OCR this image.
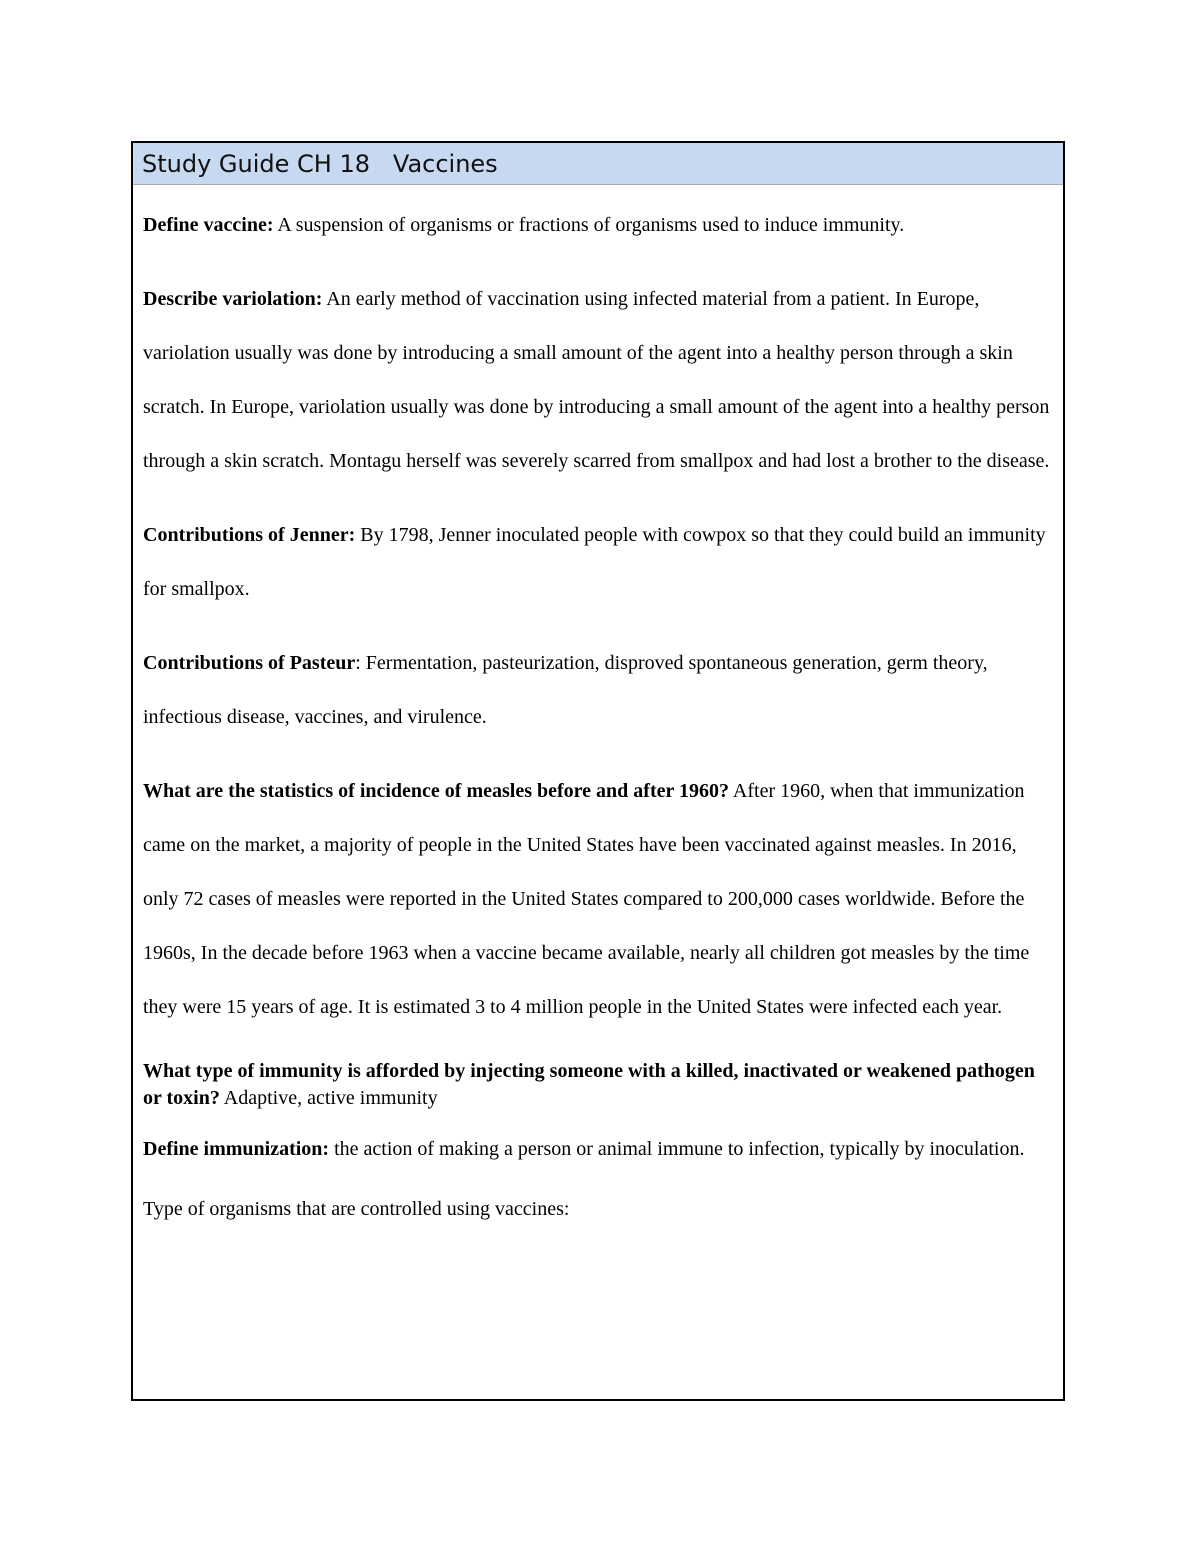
Study Guide CH 18   Vaccines

Define vaccine: A suspension of organisms or fractions of organisms used to induce immunity.

Describe variolation: An early method of vaccination using infected material from a patient. In Europe, variolation usually was done by introducing a small amount of the agent into a healthy person through a skin scratch. In Europe, variolation usually was done by introducing a small amount of the agent into a healthy person through a skin scratch. Montagu herself was severely scarred from smallpox and had lost a brother to the disease.

Contributions of Jenner: By 1798, Jenner inoculated people with cowpox so that they could build an immunity for smallpox.

Contributions of Pasteur: Fermentation, pasteurization, disproved spontaneous generation, germ theory, infectious disease, vaccines, and virulence.

What are the statistics of incidence of measles before and after 1960? After 1960, when that immunization came on the market, a majority of people in the United States have been vaccinated against measles. In 2016, only 72 cases of measles were reported in the United States compared to 200,000 cases worldwide. Before the 1960s, In the decade before 1963 when a vaccine became available, nearly all children got measles by the time they were 15 years of age. It is estimated 3 to 4 million people in the United States were infected each year.

What type of immunity is afforded by injecting someone with a killed, inactivated or weakened pathogen or toxin? Adaptive, active immunity

Define immunization: the action of making a person or animal immune to infection, typically by inoculation.

Type of organisms that are controlled using vaccines:
